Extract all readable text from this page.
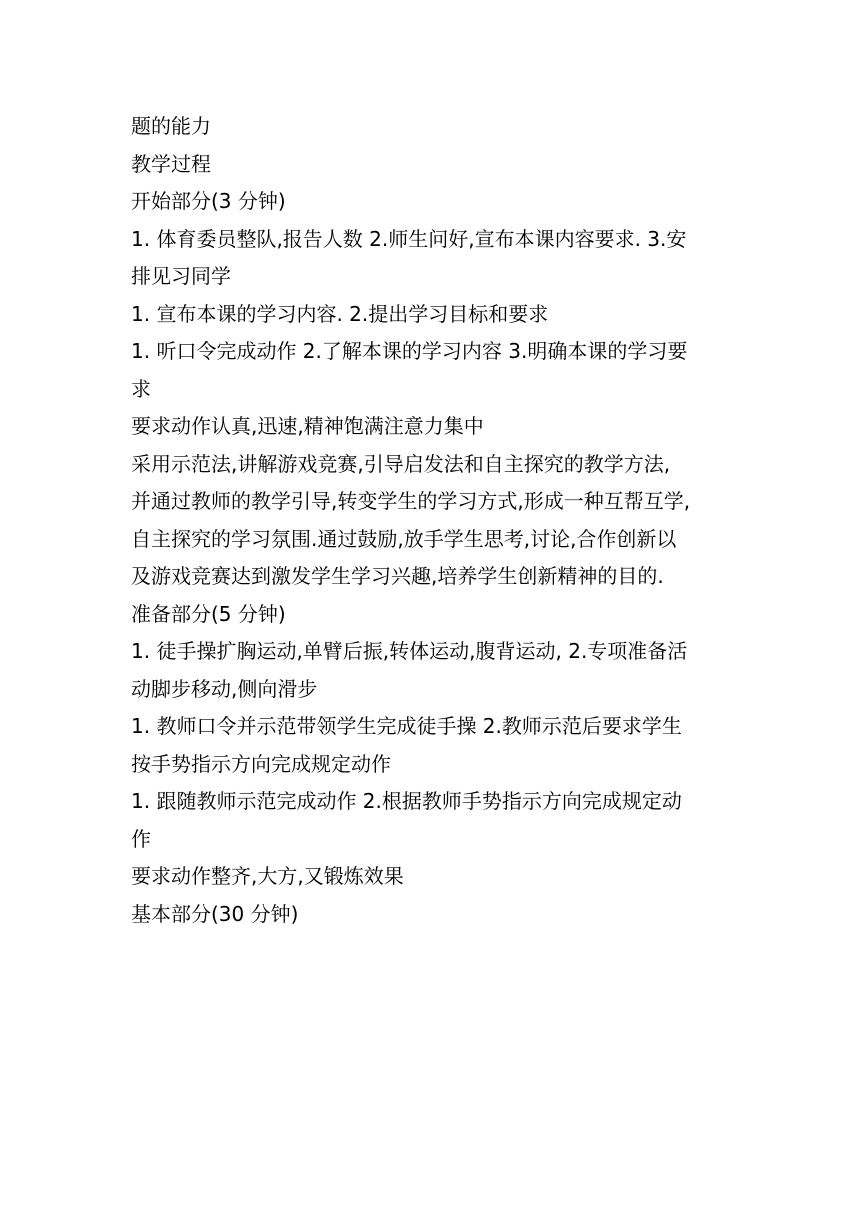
题的能力
教学过程
开始部分(3 分钟)
1. 体育委员整队,报告人数 2.师生问好,宣布本课内容要求. 3.安
排见习同学
1. 宣布本课的学习内容. 2.提出学习目标和要求
1. 听口令完成动作 2.了解本课的学习内容 3.明确本课的学习要
求
要求动作认真,迅速,精神饱满注意力集中
采用示范法,讲解游戏竞赛,引导启发法和自主探究的教学方法,
并通过教师的教学引导,转变学生的学习方式,形成一种互帮互学,
自主探究的学习氛围.通过鼓励,放手学生思考,讨论,合作创新以
及游戏竞赛达到激发学生学习兴趣,培养学生创新精神的目的.
准备部分(5 分钟)
1. 徒手操扩胸运动,单臂后振,转体运动,腹背运动, 2.专项准备活
动脚步移动,侧向滑步
1. 教师口令并示范带领学生完成徒手操 2.教师示范后要求学生
按手势指示方向完成规定动作
1. 跟随教师示范完成动作 2.根据教师手势指示方向完成规定动
作
要求动作整齐,大方,又锻炼效果
基本部分(30 分钟)
